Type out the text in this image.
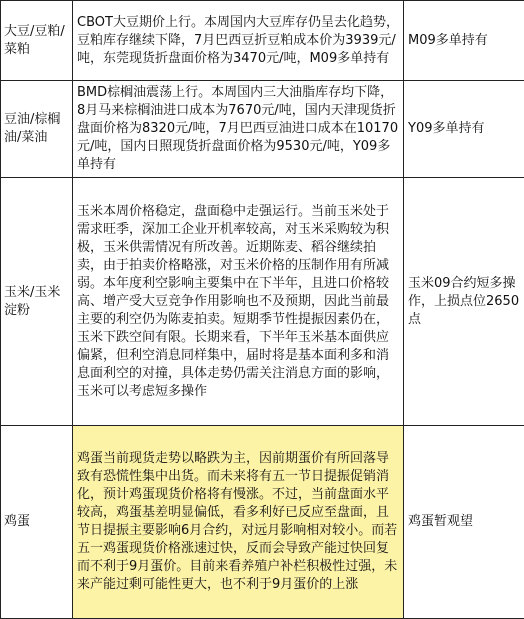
大豆/豆粕/菜粕	CBOT大豆期价上行。本周国内大豆库存仍呈去化趋势，豆粕库存继续下降，7月巴西豆折豆粕成本价为3939元/吨，东莞现货折盘面价格为3470元/吨，M09多单持有	M09多单持有
豆油/棕榈油/菜油	BMD棕榈油震荡上行。本周国内三大油脂库存均下降，8月马来棕榈油进口成本为7670元/吨，国内天津现货折盘面价格为8320元/吨，7月巴西豆油进口成本在10170元/吨，国内日照现货折盘面价格为9530元/吨，Y09多单持有	Y09多单持有
玉米/玉米淀粉	玉米本周价格稳定，盘面稳中走强运行。当前玉米处于需求旺季，深加工企业开机率较高，对玉米采购较为积极，玉米供需情况有所改善。近期陈麦、稻谷继续拍卖，由于拍卖价格略涨，对玉米价格的压制作用有所减弱。本年度利空影响主要集中在下半年，且进口价格较高、增产受大豆竞争作用影响也不及预期，因此当前最主要的利空仍为陈麦拍卖。短期季节性提振因素仍在，玉米下跌空间有限。长期来看，下半年玉米基本面供应偏紧，但利空消息同样集中，届时将是基本面利多和消息面利空的对撞，具体走势仍需关注消息方面的影响，玉米可以考虑短多操作	玉米09合约短多操作，上损点位2650点
鸡蛋	鸡蛋当前现货走势以略跌为主，因前期蛋价有所回落导致有恐慌性集中出货。而未来将有五一节日提振促销消化，预计鸡蛋现货价格将有慢涨。不过，当前盘面水平较高，鸡蛋基差明显偏低，看多利好已反应至盘面，且节日提振主要影响6月合约，对远月影响相对较小。而若五一鸡蛋现货价格涨速过快，反而会导致产能过快回复而不利于9月蛋价。目前来看养殖户补栏积极性过强，未来产能过剩可能性更大，也不利于9月蛋价的上涨	鸡蛋暂观望
